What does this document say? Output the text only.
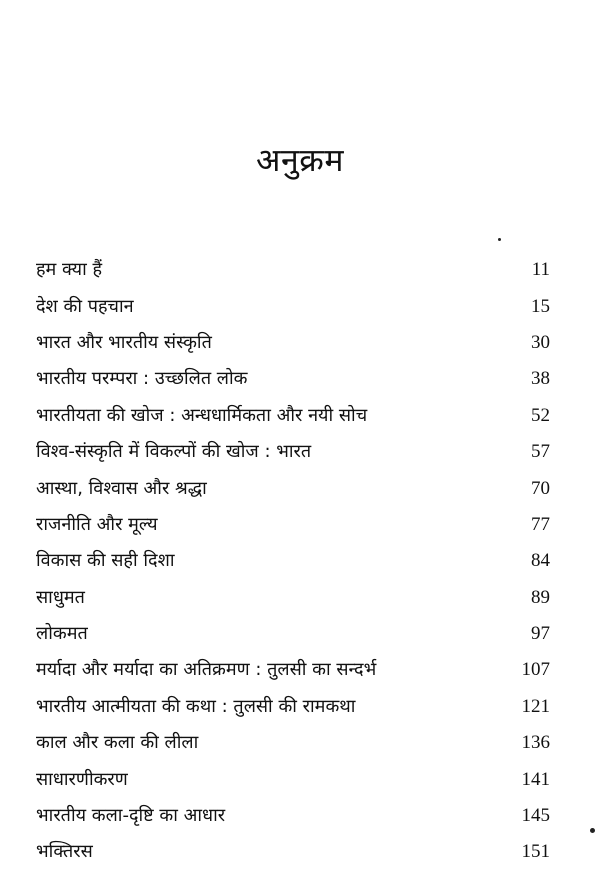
अनुक्रम
हम क्या हैं	11
देश की पहचान	15
भारत और भारतीय संस्कृति	30
भारतीय परम्परा : उच्छलित लोक	38
भारतीयता की खोज : अन्धधार्मिकता और नयी सोच	52
विश्व-संस्कृति में विकल्पों की खोज : भारत	57
आस्था, विश्वास और श्रद्धा	70
राजनीति और मूल्य	77
विकास की सही दिशा	84
साधुमत	89
लोकमत	97
मर्यादा और मर्यादा का अतिक्रमण : तुलसी का सन्दर्भ	107
भारतीय आत्मीयता की कथा : तुलसी की रामकथा	121
काल और कला की लीला	136
साधारणीकरण	141
भारतीय कला-दृष्टि का आधार	145
भक्तिरस	151
